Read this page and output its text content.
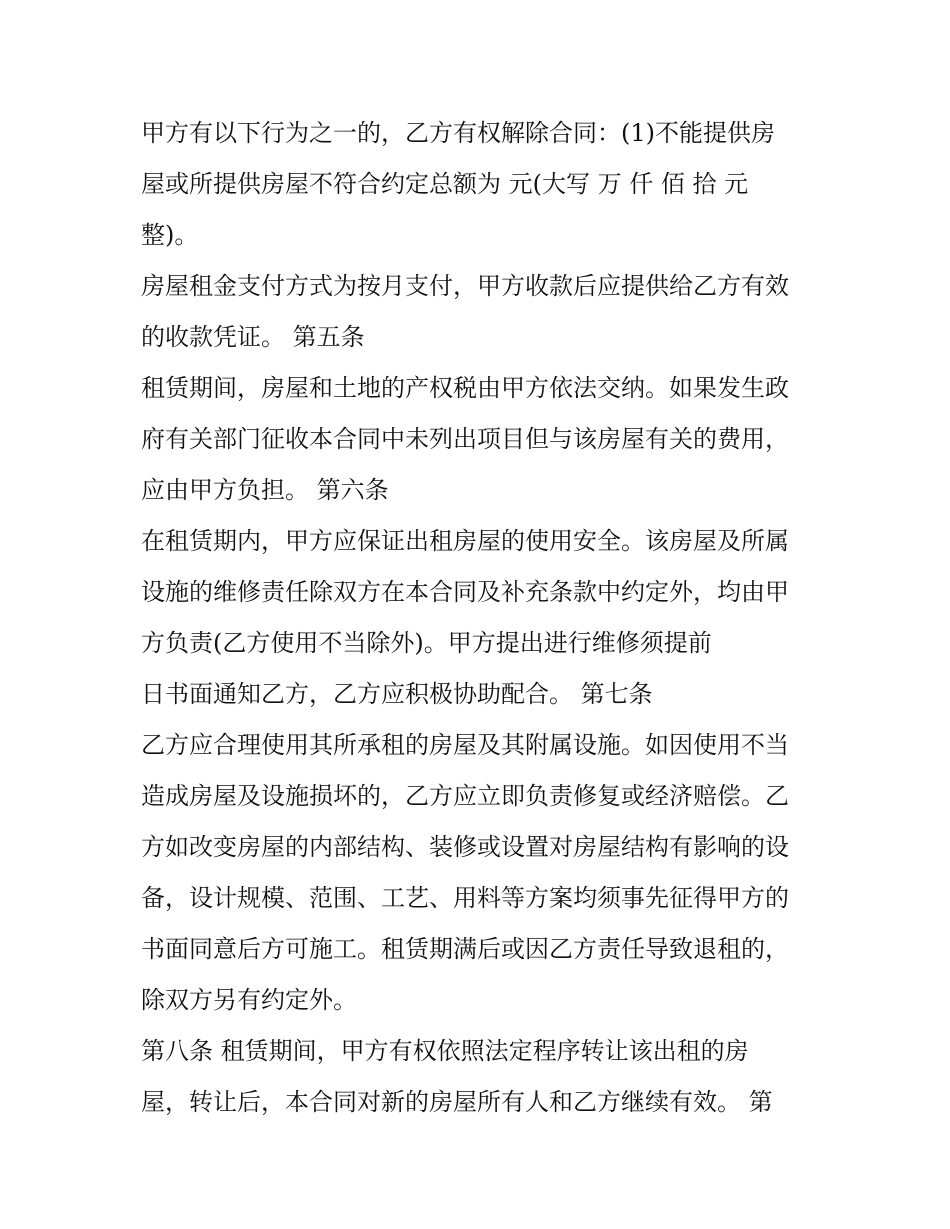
甲方有以下行为之一的，乙方有权解除合同：(1)不能提供房
屋或所提供房屋不符合约定总额为 元(大写 万 仟 佰 拾 元
整)。
房屋租金支付方式为按月支付，甲方收款后应提供给乙方有效
的收款凭证。 第五条
租赁期间，房屋和土地的产权税由甲方依法交纳。如果发生政
府有关部门征收本合同中未列出项目但与该房屋有关的费用，
应由甲方负担。 第六条
在租赁期内，甲方应保证出租房屋的使用安全。该房屋及所属
设施的维修责任除双方在本合同及补充条款中约定外，均由甲
方负责(乙方使用不当除外)。甲方提出进行维修须提前
日书面通知乙方，乙方应积极协助配合。 第七条
乙方应合理使用其所承租的房屋及其附属设施。如因使用不当
造成房屋及设施损坏的，乙方应立即负责修复或经济赔偿。乙
方如改变房屋的内部结构、装修或设置对房屋结构有影响的设
备，设计规模、范围、工艺、用料等方案均须事先征得甲方的
书面同意后方可施工。租赁期满后或因乙方责任导致退租的，
除双方另有约定外。
第八条 租赁期间，甲方有权依照法定程序转让该出租的房
屋，转让后，本合同对新的房屋所有人和乙方继续有效。 第
